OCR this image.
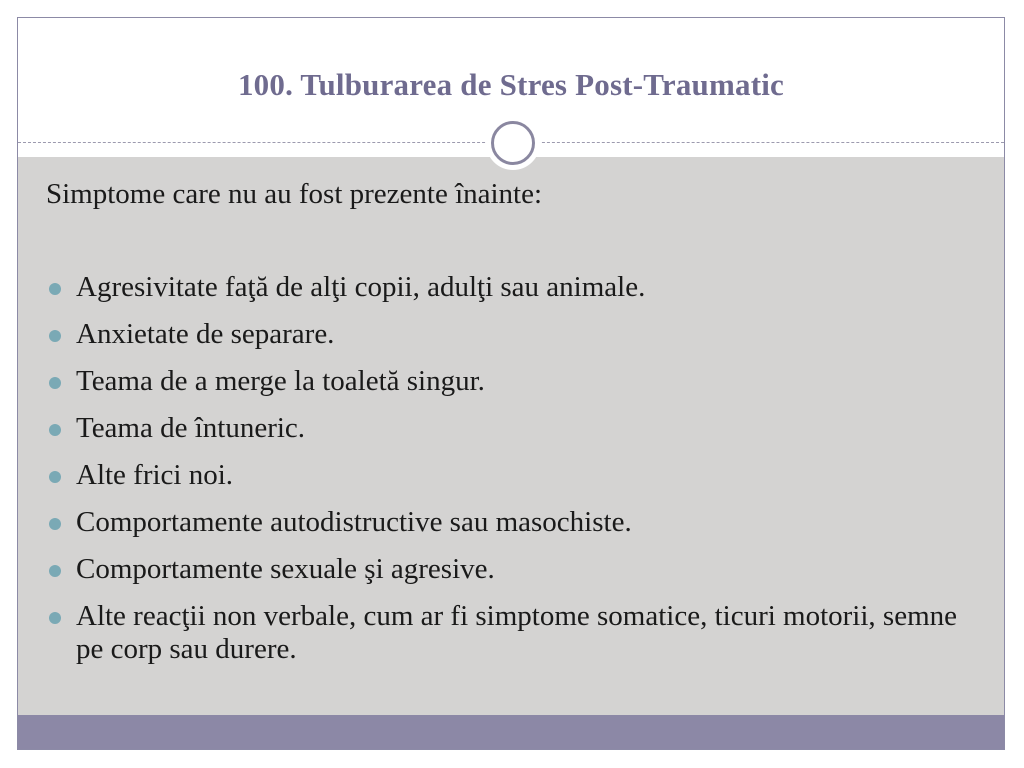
100. Tulburarea de Stres Post-Traumatic
Simptome care nu au fost prezente înainte:
Agresivitate faţă de alţi copii, adulţi sau animale.
Anxietate de separare.
Teama de a merge la toaletă singur.
Teama de întuneric.
Alte frici noi.
Comportamente autodistructive sau masochiste.
Comportamente sexuale şi agresive.
Alte reacţii non verbale, cum ar fi simptome somatice, ticuri motorii, semne pe corp sau durere.
